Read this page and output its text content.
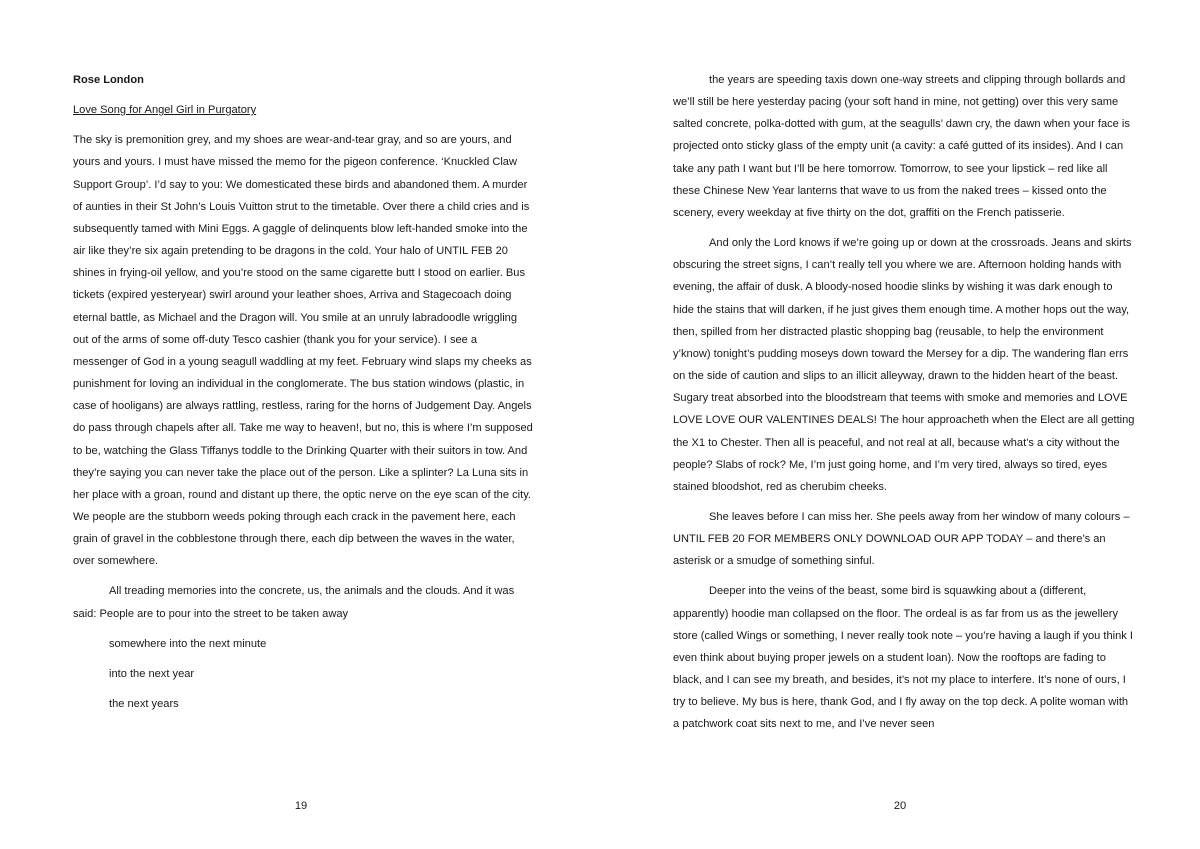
Rose London

Love Song for Angel Girl in Purgatory

The sky is premonition grey, and my shoes are wear-and-tear gray, and so are yours, and yours and yours. I must have missed the memo for the pigeon conference. ‘Knuckled Claw Support Group’. I’d say to you: We domesticated these birds and abandoned them. A murder of aunties in their St John’s Louis Vuitton strut to the timetable. Over there a child cries and is subsequently tamed with Mini Eggs. A gaggle of delinquents blow left-handed smoke into the air like they’re six again pretending to be dragons in the cold. Your halo of UNTIL FEB 20 shines in frying-oil yellow, and you’re stood on the same cigarette butt I stood on earlier. Bus tickets (expired yesteryear) swirl around your leather shoes, Arriva and Stagecoach doing eternal battle, as Michael and the Dragon will. You smile at an unruly labradoodle wriggling out of the arms of some off-duty Tesco cashier (thank you for your service). I see a messenger of God in a young seagull waddling at my feet. February wind slaps my cheeks as punishment for loving an individual in the conglomerate. The bus station windows (plastic, in case of hooligans) are always rattling, restless, raring for the horns of Judgement Day. Angels do pass through chapels after all. Take me way to heaven!, but no, this is where I’m supposed to be, watching the Glass Tiffanys toddle to the Drinking Quarter with their suitors in tow. And they’re saying you can never take the place out of the person. Like a splinter? La Luna sits in her place with a groan, round and distant up there, the optic nerve on the eye scan of the city. We people are the stubborn weeds poking through each crack in the pavement here, each grain of gravel in the cobblestone through there, each dip between the waves in the water, over somewhere.

All treading memories into the concrete, us, the animals and the clouds. And it was said: People are to pour into the street to be taken away

somewhere into the next minute

into the next year

the next years

19

the years are speeding taxis down one-way streets and clipping through bollards and we’ll still be here yesterday pacing (your soft hand in mine, not getting) over this very same salted concrete, polka-dotted with gum, at the seagulls’ dawn cry, the dawn when your face is projected onto sticky glass of the empty unit (a cavity: a café gutted of its insides). And I can take any path I want but I’ll be here tomorrow. Tomorrow, to see your lipstick – red like all these Chinese New Year lanterns that wave to us from the naked trees – kissed onto the scenery, every weekday at five thirty on the dot, graffiti on the French patisserie.

And only the Lord knows if we’re going up or down at the crossroads. Jeans and skirts obscuring the street signs, I can’t really tell you where we are. Afternoon holding hands with evening, the affair of dusk. A bloody-nosed hoodie slinks by wishing it was dark enough to hide the stains that will darken, if he just gives them enough time. A mother hops out the way, then, spilled from her distracted plastic shopping bag (reusable, to help the environment y’know) tonight’s pudding moseys down toward the Mersey for a dip. The wandering flan errs on the side of caution and slips to an illicit alleyway, drawn to the hidden heart of the beast. Sugary treat absorbed into the bloodstream that teems with smoke and memories and LOVE LOVE LOVE OUR VALENTINES DEALS! The hour approacheth when the Elect are all getting the X1 to Chester. Then all is peaceful, and not real at all, because what’s a city without the people? Slabs of rock? Me, I’m just going home, and I’m very tired, always so tired, eyes stained bloodshot, red as cherubim cheeks.

She leaves before I can miss her. She peels away from her window of many colours – UNTIL FEB 20 FOR MEMBERS ONLY DOWNLOAD OUR APP TODAY – and there’s an asterisk or a smudge of something sinful.

Deeper into the veins of the beast, some bird is squawking about a (different, apparently) hoodie man collapsed on the floor. The ordeal is as far from us as the jewellery store (called Wings or something, I never really took note – you’re having a laugh if you think I even think about buying proper jewels on a student loan). Now the rooftops are fading to black, and I can see my breath, and besides, it’s not my place to interfere. It’s none of ours, I try to believe. My bus is here, thank God, and I fly away on the top deck. A polite woman with a patchwork coat sits next to me, and I’ve never seen

20
